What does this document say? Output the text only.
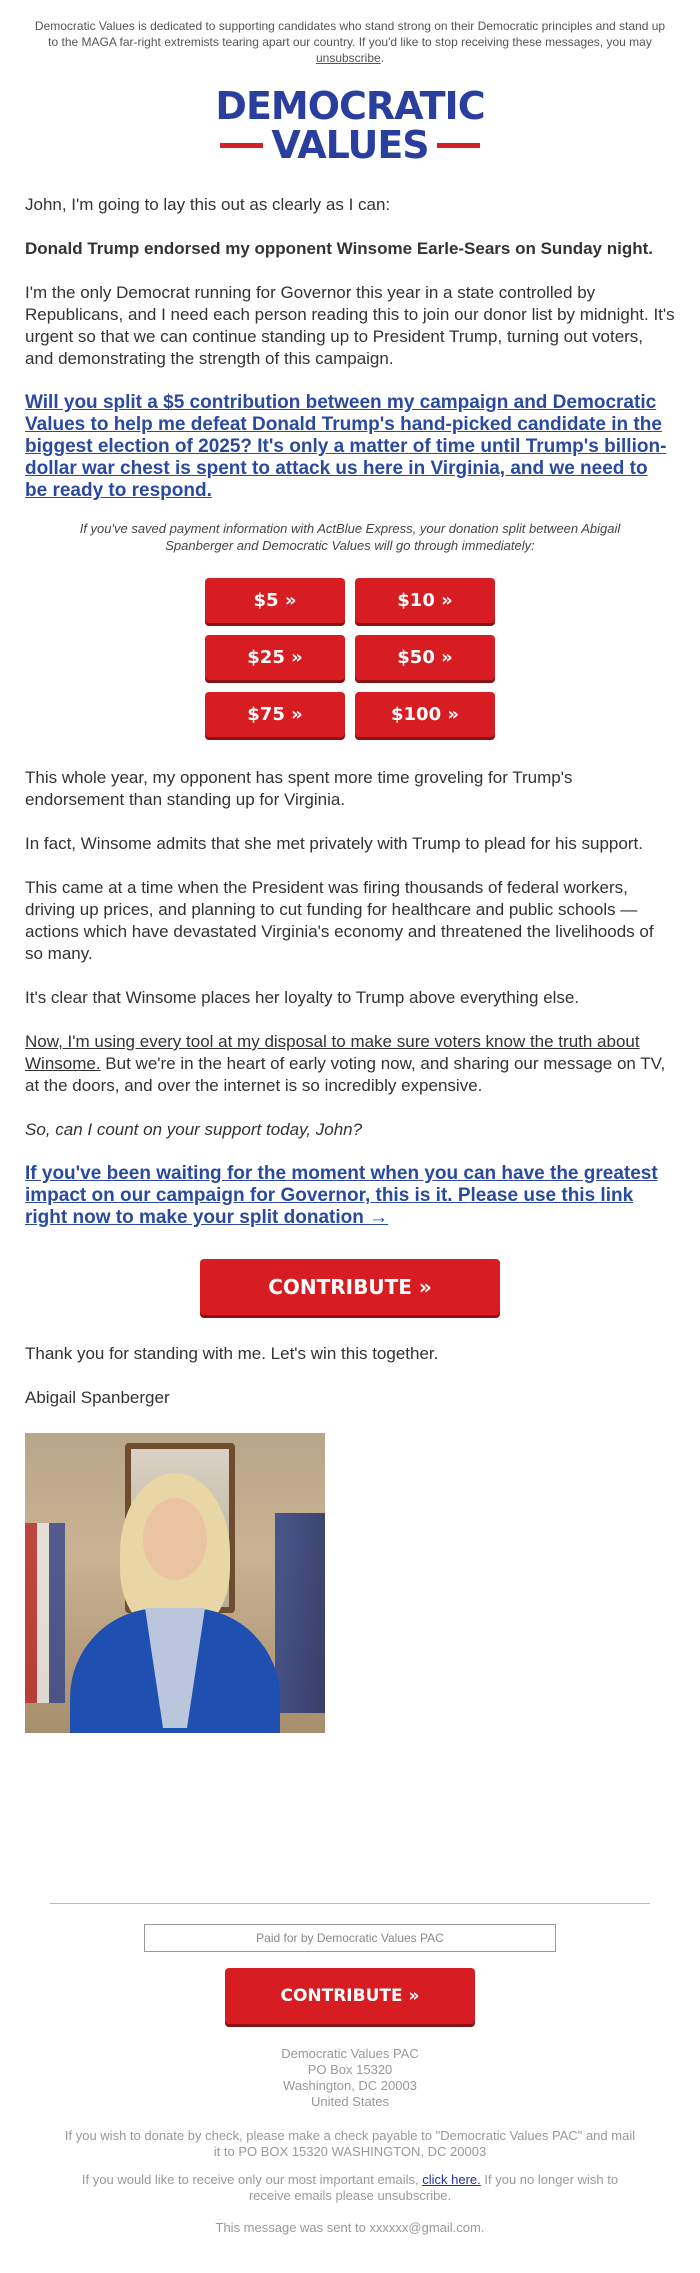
Democratic Values is dedicated to supporting candidates who stand strong on their Democratic principles and stand up to the MAGA far-right extremists tearing apart our country. If you'd like to stop receiving these messages, you may unsubscribe.
DEMOCRATIC
VALUES

John, I'm going to lay this out as clearly as I can:

Donald Trump endorsed my opponent Winsome Earle-Sears on Sunday night.

I'm the only Democrat running for Governor this year in a state controlled by Republicans, and I need each person reading this to join our donor list by midnight. It's urgent so that we can continue standing up to President Trump, turning out voters, and demonstrating the strength of this campaign.

Will you split a $5 contribution between my campaign and Democratic Values to help me defeat Donald Trump's hand-picked candidate in the biggest election of 2025? It's only a matter of time until Trump's billion-dollar war chest is spent to attack us here in Virginia, and we need to be ready to respond.

If you've saved payment information with ActBlue Express, your donation split between Abigail Spanberger and Democratic Values will go through immediately:

$5 »	$10 »
$25 »	$50 »
$75 »	$100 »

This whole year, my opponent has spent more time groveling for Trump's endorsement than standing up for Virginia.

In fact, Winsome admits that she met privately with Trump to plead for his support.

This came at a time when the President was firing thousands of federal workers, driving up prices, and planning to cut funding for healthcare and public schools — actions which have devastated Virginia's economy and threatened the livelihoods of so many.

It's clear that Winsome places her loyalty to Trump above everything else.

Now, I'm using every tool at my disposal to make sure voters know the truth about Winsome. But we're in the heart of early voting now, and sharing our message on TV, at the doors, and over the internet is so incredibly expensive.

So, can I count on your support today, John?

If you've been waiting for the moment when you can have the greatest impact on our campaign for Governor, this is it. Please use this link right now to make your split donation →
CONTRIBUTE »

Thank you for standing with me. Let's win this together.

Abigail Spanberger

Paid for by Democratic Values PAC
CONTRIBUTE »
Democratic Values PAC
PO Box 15320
Washington, DC 20003
United States
If you wish to donate by check, please make a check payable to "Democratic Values PAC" and mail it to PO BOX 15320 WASHINGTON, DC 20003
If you would like to receive only our most important emails, click here. If you no longer wish to receive emails please unsubscribe.
This message was sent to xxxxxx@gmail.com.
